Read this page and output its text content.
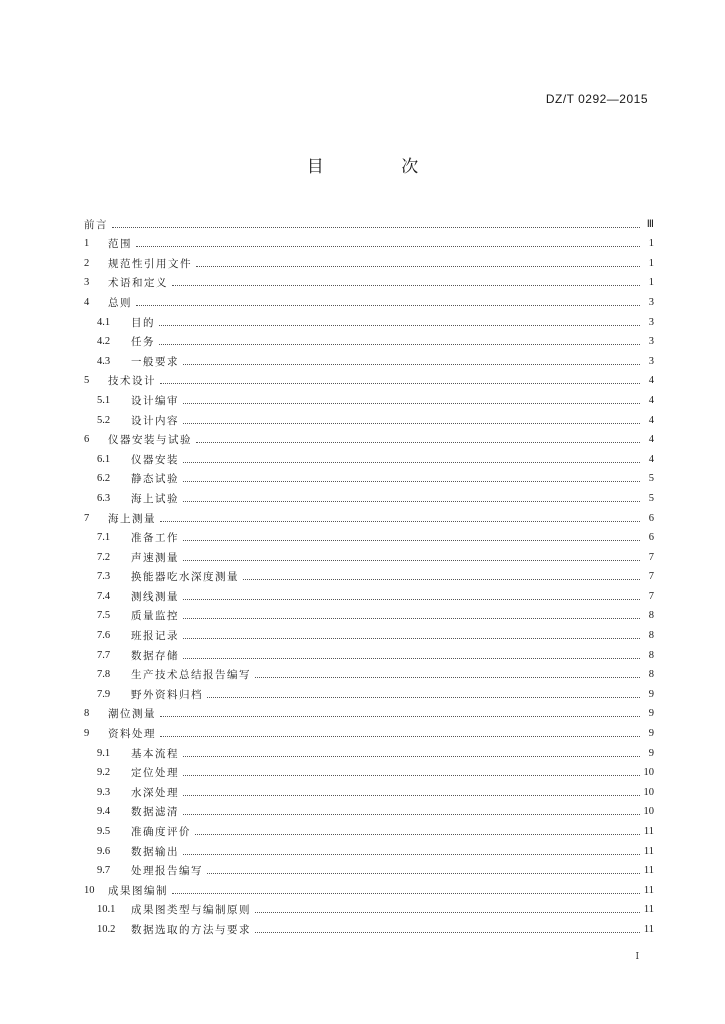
DZ/T 0292—2015
目 次
前言	Ⅲ
1	范围	1
2	规范性引用文件	1
3	术语和定义	1
4	总则	3
4.1	目的	3
4.2	任务	3
4.3	一般要求	3
5	技术设计	4
5.1	设计编审	4
5.2	设计内容	4
6	仪器安装与试验	4
6.1	仪器安装	4
6.2	静态试验	5
6.3	海上试验	5
7	海上测量	6
7.1	准备工作	6
7.2	声速测量	7
7.3	换能器吃水深度测量	7
7.4	测线测量	7
7.5	质量监控	8
7.6	班报记录	8
7.7	数据存储	8
7.8	生产技术总结报告编写	8
7.9	野外资料归档	9
8	潮位测量	9
9	资料处理	9
9.1	基本流程	9
9.2	定位处理	10
9.3	水深处理	10
9.4	数据滤清	10
9.5	准确度评价	11
9.6	数据输出	11
9.7	处理报告编写	11
10	成果图编制	11
10.1	成果图类型与编制原则	11
10.2	数据选取的方法与要求	11
I
